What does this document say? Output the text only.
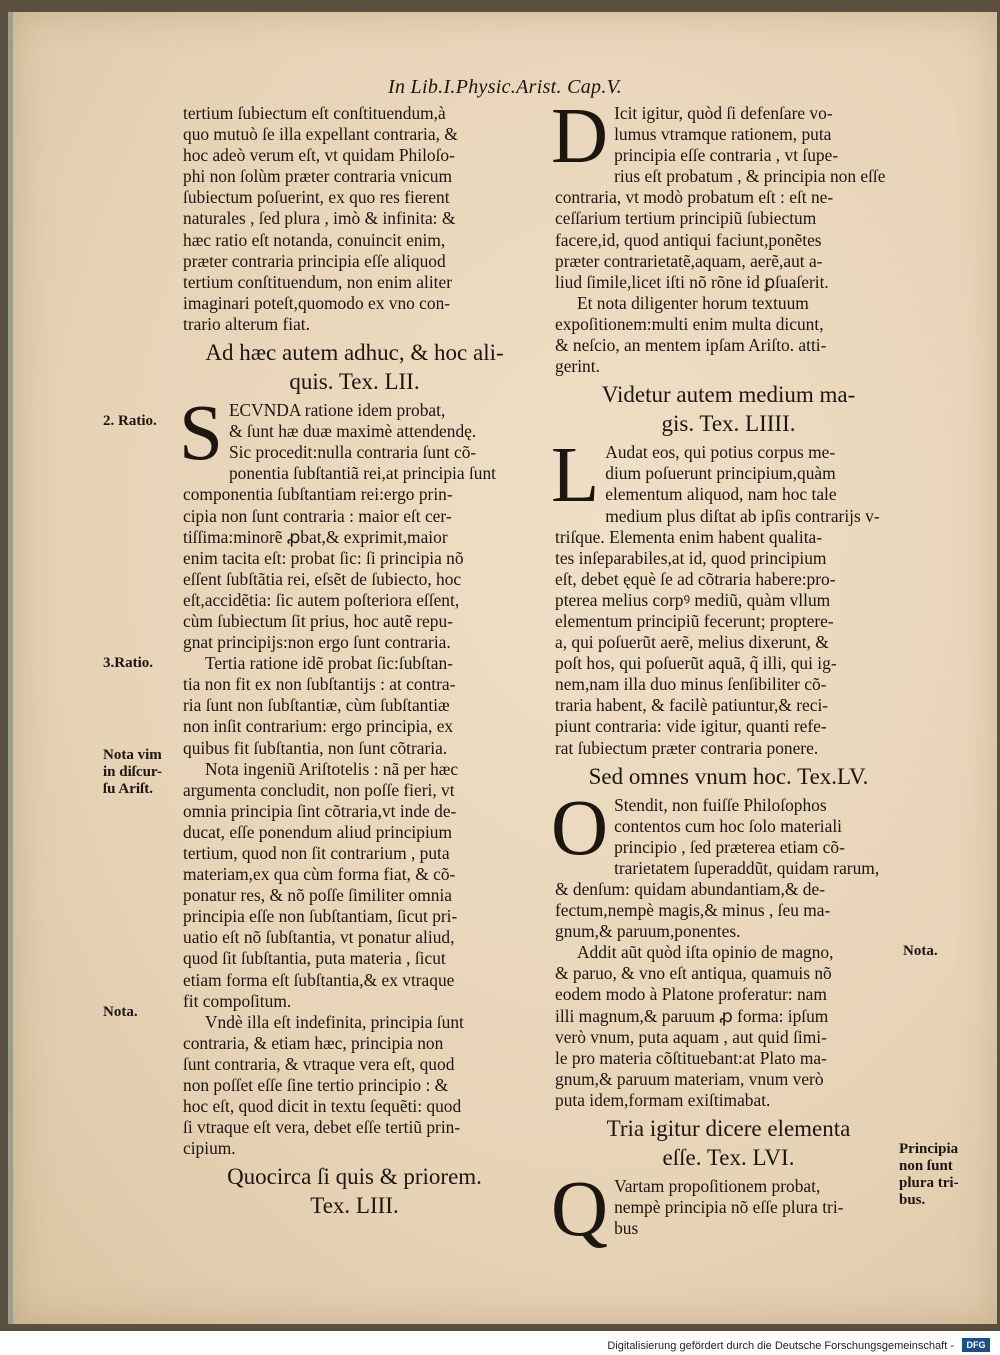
In Lib.I.Physic.Arist. Cap.V.
tertium ſubiectum eſt conſtituendum,à
quo mutuò ſe illa expellant contraria, &
hoc adeò verum eſt, vt quidam Philoſo-
phi non ſolùm præter contraria vnicum
ſubiectum poſuerint, ex quo res fierent
naturales , ſed plura , imò & infinita: &
hæc ratio eſt notanda, conuincit enim,
præter contraria principia eſſe aliquod
tertium conſtituendum, non enim aliter
imaginari poteſt,quomodo ex vno con-
trario alterum fiat.
Ad hæc autem adhuc, & hoc ali-
quis. Tex. LII.
S ECVNDA ratione idem probat,
& ſunt hæ duæ maximè attendendę.
Sic procedit:nulla contraria ſunt cõ-
ponentia ſubſtantiã rei,at principia ſunt
componentia ſubſtantiam rei:ergo prin-
cipia non ſunt contraria : maior eſt cer-
tiſſima:minorẽ ꝓbat,& exprimit,maior
enim tacita eſt: probat ſic: ſi principia nõ
eſſent ſubſtãtia rei, eſsẽt de ſubiecto, hoc
eſt,accidẽtia: ſic autem poſteriora eſſent,
cùm ſubiectum ſit prius, hoc autẽ repu-
gnat principijs:non ergo ſunt contraria.
Tertia ratione idẽ probat ſic:ſubſtan-
tia non fit ex non ſubſtantijs : at contra-
ria ſunt non ſubſtantiæ, cùm ſubſtantiæ
non inſit contrarium: ergo principia, ex
quibus fit ſubſtantia, non ſunt cõtraria.
Nota ingeniũ Ariſtotelis : nã per hæc
argumenta concludit, non poſſe fieri, vt
omnia principia ſint cõtraria,vt inde de-
ducat, eſſe ponendum aliud principium
tertium, quod non ſit contrarium , puta
materiam,ex qua cùm forma fiat, & cõ-
ponatur res, & nõ poſſe ſimiliter omnia
principia eſſe non ſubſtantiam, ſicut pri-
uatio eſt nõ ſubſtantia, vt ponatur aliud,
quod ſit ſubſtantia, puta materia , ſicut
etiam forma eſt ſubſtantia,& ex vtraque
fit compoſitum.
Vndè illa eſt indefinita, principia ſunt
contraria, & etiam hæc, principia non
ſunt contraria, & vtraque vera eſt, quod
non poſſet eſſe ſine tertio principio : &
hoc eſt, quod dicit in textu ſequẽti: quod
ſi vtraque eſt vera, debet eſſe tertiũ prin-
cipium.
Quocirca ſi quis & priorem.
Tex. LIII.
D Icit igitur, quòd ſi defenſare vo-
lumus vtramque rationem, puta
principia eſſe contraria , vt ſupe-
rius eſt probatum , & principia non eſſe
contraria, vt modò probatum eſt : eſt ne-
ceſſarium tertium principiũ ſubiectum
facere,id, quod antiqui faciunt,ponẽtes
præter contrarietatẽ,aquam, aerẽ,aut a-
liud ſimile,licet iſti nõ rõne id ꝑſuaſerit.
Et nota diligenter horum textuum
expoſitionem:multi enim multa dicunt,
& neſcio, an mentem ipſam Ariſto. atti-
gerint.
Videtur autem medium ma-
gis. Tex. LIIII.
L Audat eos, qui potius corpus me-
dium poſuerunt principium,quàm
elementum aliquod, nam hoc tale
medium plus diſtat ab ipſis contrarijs v-
triſque. Elementa enim habent qualita-
tes inſeparabiles,at id, quod principium
eſt, debet ęquè ſe ad cõtraria habere:pro-
pterea melius corpꝰ mediũ, quàm vllum
elementum principiũ fecerunt; proptere-
a, qui poſuerũt aerẽ, melius dixerunt, &
poſt hos, qui poſuerũt aquã, q̃ illi, qui ig-
nem,nam illa duo minus ſenſibiliter cõ-
traria habent, & facilè patiuntur,& reci-
piunt contraria: vide igitur, quanti refe-
rat ſubiectum præter contraria ponere.
Sed omnes vnum hoc. Tex.LV.
O Stendit, non fuiſſe Philoſophos
contentos cum hoc ſolo materiali
principio , ſed præterea etiam cõ-
trarietatem ſuperaddũt, quidam rarum,
& denſum: quidam abundantiam,& de-
fectum,nempè magis,& minus , ſeu ma-
gnum,& paruum,ponentes.
Addit aũt quòd iſta opinio de magno,
& paruo, & vno eſt antiqua, quamuis nõ
eodem modo à Platone proferatur: nam
illi magnum,& paruum ꝓ forma: ipſum
verò vnum, puta aquam , aut quid ſimi-
le pro materia cõſtituebant:at Plato ma-
gnum,& paruum materiam, vnum verò
puta idem,formam exiſtimabat.
Tria igitur dicere elementa
eſſe. Tex. LVI.
Q Vartam propoſitionem probat,
nempè principia nõ eſſe plura tri-
bus
2. Ratio.
3.Ratio.
Nota vim
in diſcur-
ſu Ariſt.
Nota.
Nota.
Principia
non ſunt
plura tri-
bus.
Digitalisierung gefördert durch die Deutsche Forschungsgemeinschaft -	DFG
